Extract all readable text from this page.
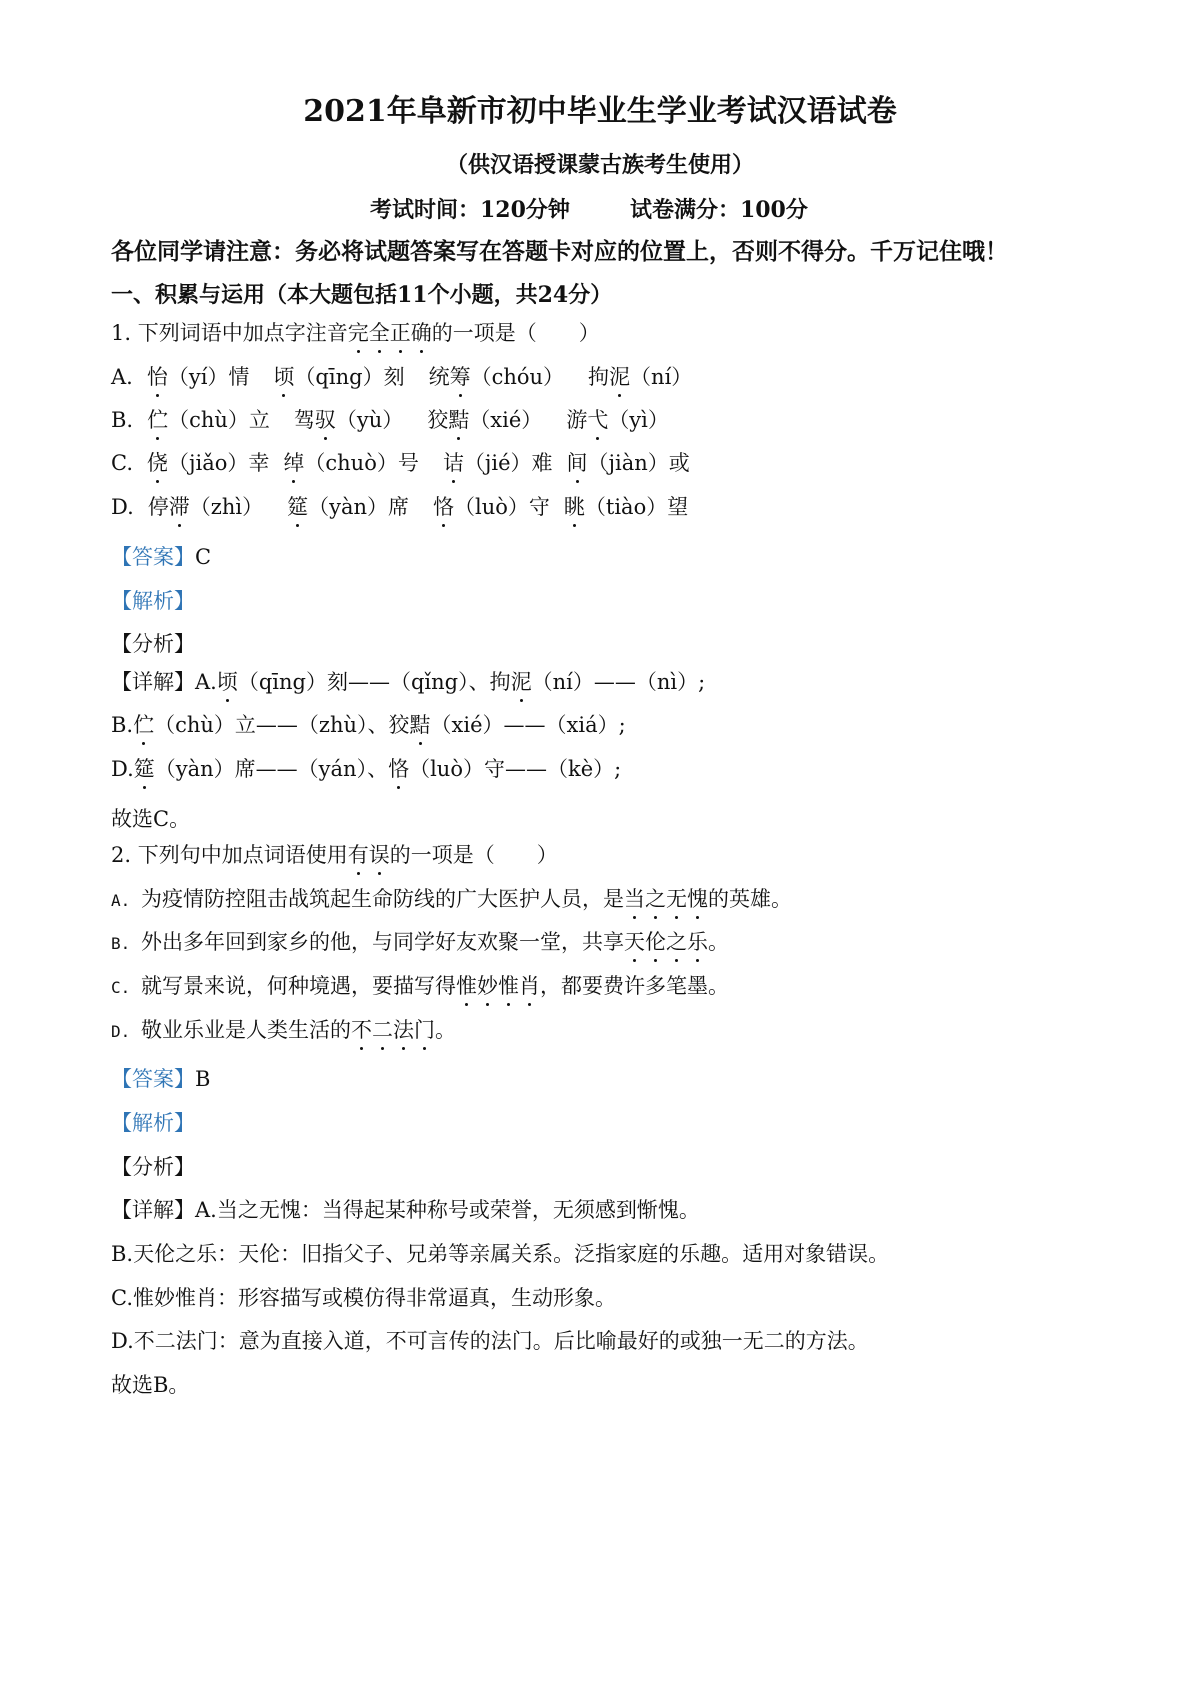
2021年阜新市初中毕业生学业考试汉语试卷
（供汉语授课蒙古族考生使用）
考试时间：120分钟	试卷满分：100分
各位同学请注意：务必将试题答案写在答题卡对应的位置上，否则不得分。千万记住哦！
一、积累与运用（本大题包括11个小题，共24分）
1. 下列词语中加点字注音完全正确的一项是（　　）
A. 怡（yí）情 顷（qīng）刻 统筹（chóu） 拘泥（ní）
B. 伫（chù）立 驾驭（yù） 狡黠（xié） 游弋（yì）
C. 侥（jiǎo）幸 绰（chuò）号 诘（jié）难 间（jiàn）或
D. 停滞（zhì） 筵（yàn）席 恪（luò）守 眺（tiào）望
【答案】C
【解析】
【分析】
【详解】A.顷（qīng）刻——（qǐng）、拘泥（ní）——（nì）;
B.伫（chù）立——（zhù）、狡黠（xié）——（xiá）;
D.筵（yàn）席——（yán）、恪（luò）守——（kè）;
故选C。
2. 下列句中加点词语使用有误的一项是（　　）
A. 为疫情防控阻击战筑起生命防线的广大医护人员，是当之无愧的英雄。
B. 外出多年回到家乡的他，与同学好友欢聚一堂，共享天伦之乐。
C. 就写景来说，何种境遇，要描写得惟妙惟肖，都要费许多笔墨。
D. 敬业乐业是人类生活的不二法门。
【答案】B
【解析】
【分析】
【详解】A.当之无愧：当得起某种称号或荣誉，无须感到惭愧。
B.天伦之乐：天伦：旧指父子、兄弟等亲属关系。泛指家庭的乐趣。适用对象错误。
C.惟妙惟肖：形容描写或模仿得非常逼真，生动形象。
D.不二法门：意为直接入道，不可言传的法门。后比喻最好的或独一无二的方法。
故选B。
